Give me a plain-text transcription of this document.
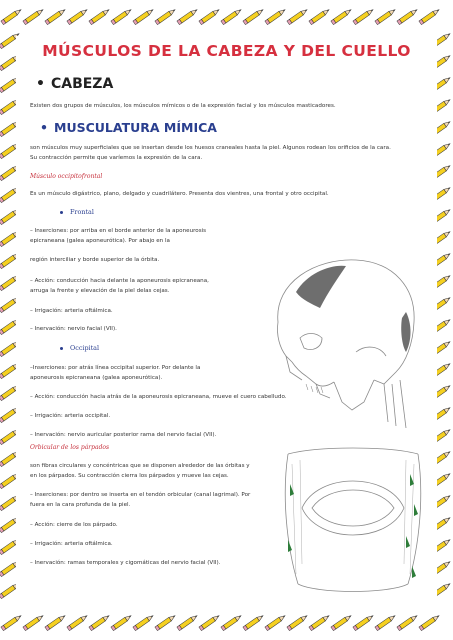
MÚSCULOS DE LA CABEZA Y DEL CUELLO
• CABEZA
Existen dos grupos de músculos, los músculos mímicos o de la expresión facial y los músculos masticadores.
• MUSCULATURA MÍMICA
son músculos muy superficiales que se insertan desde los huesos craneales hasta la piel. Algunos rodean los orificios de la cara.
Su contracción permite que varíemos la expresión de la cara.
Músculo occipitofrontal
Es un músculo digástrico, plano, delgado y cuadrilátero. Presenta dos vientres, una frontal y otro occipital.
Frontal
– Inserciones: por arriba en el borde anterior de la aponeurosis
epicraneana (galea aponeurótica). Por abajo en la
región interciliar y borde superior de la órbita.
– Acción: conducción hacia delante la aponeurosis epicraneana,
arruga la frente y elevación de la piel delas cejas.
– Irrigación: arteria oftálmica.
– Inervación: nervio facial (VII).
Occipital
–Inserciones: por atrás línea occipital superior. Por delante la
aponeurosis epicraneana (galea aponeurótica).
– Acción: conducción hacia atrás de la aponeurosis epicraneana, mueve el cuero cabelludo.
– Irrigación: arteria occipital.
– Inervación: nervio auricular posterior rama del nervio facial (VII).
Orbicular de los párpados
son fibras circulares y concéntricas que se disponen alrededor de las órbitas y
en los párpados. Su contracción cierra los párpados y mueve las cejas.
– Inserciones: por dentro se inserta en el tendón orbicular (canal lagrimal). Por
fuera en la cara profunda de la piel.
– Acción: cierre de los párpado.
– Irrigación: arteria oftálmica.
– Inervación: ramas temporales y cigomáticas del nervio facial (VII).
